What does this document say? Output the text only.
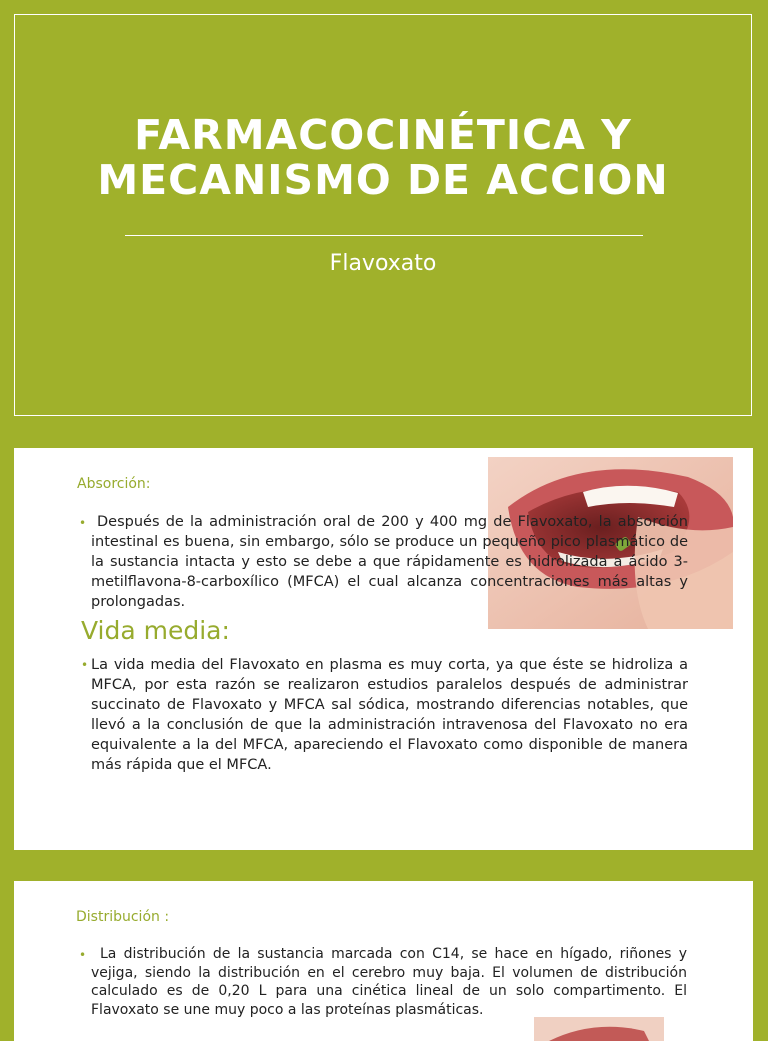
FARMACOCINÉTICA Y
MECANISMO DE ACCION
Flavoxato
Absorción:
• Después de la administración oral de 200 y 400 mg de Flavoxato, la absorción intestinal es buena, sin embargo, sólo se produce un pequeño pico plasmático de la sustancia intacta y esto se debe a que rápidamente es hidrolizada a ácido 3-metilflavona-8-carboxílico (MFCA) el cual alcanza concentraciones más altas y prolongadas.

Vida media:
• La vida media del Flavoxato en plasma es muy corta, ya que éste se hidroliza a MFCA, por esta razón se realizaron estudios paralelos después de administrar succinato de Flavoxato y MFCA sal sódica, mostrando diferencias notables, que llevó a la conclusión de que la administración intravenosa del Flavoxato no era equivalente a la del MFCA, apareciendo el Flavoxato como disponible de manera más rápida que el MFCA.

Distribución :
• La distribución de la sustancia marcada con C14, se hace en hígado, riñones y vejiga, siendo la distribución en el cerebro muy baja. El volumen de distribución calculado es de 0,20 L para una cinética lineal de un solo compartimento. El Flavoxato se une muy poco a las proteínas plasmáticas.
